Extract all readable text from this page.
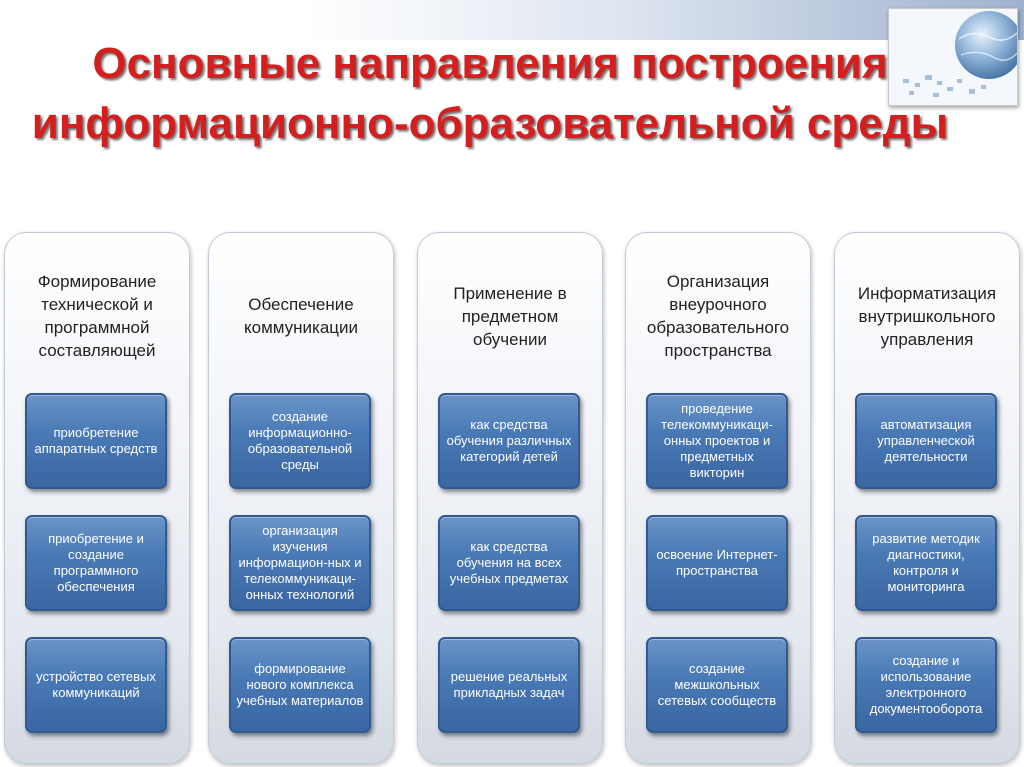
Основные направления построения информационно-образовательной среды
Формирование технической и программной составляющей
приобретение аппаратных средств
приобретение и создание программного обеспечения
устройство сетевых коммуникаций
Обеспечение коммуникации
создание информационно-образовательной среды
организация изучения информацион-ных и телекоммуникаци-онных технологий
формирование нового комплекса учебных материалов
Применение в предметном обучении
как средства обучения различных категорий детей
как средства обучения на всех учебных предметах
решение реальных прикладных задач
Организация внеурочного образовательного пространства
проведение телекоммуникаци-онных проектов и предметных викторин
освоение Интернет-пространства
создание межшкольных сетевых сообществ
Информатизация внутришкольного управления
автоматизация управленческой деятельности
развитие методик диагностики, контроля и мониторинга
создание и использование электронного документооборота
